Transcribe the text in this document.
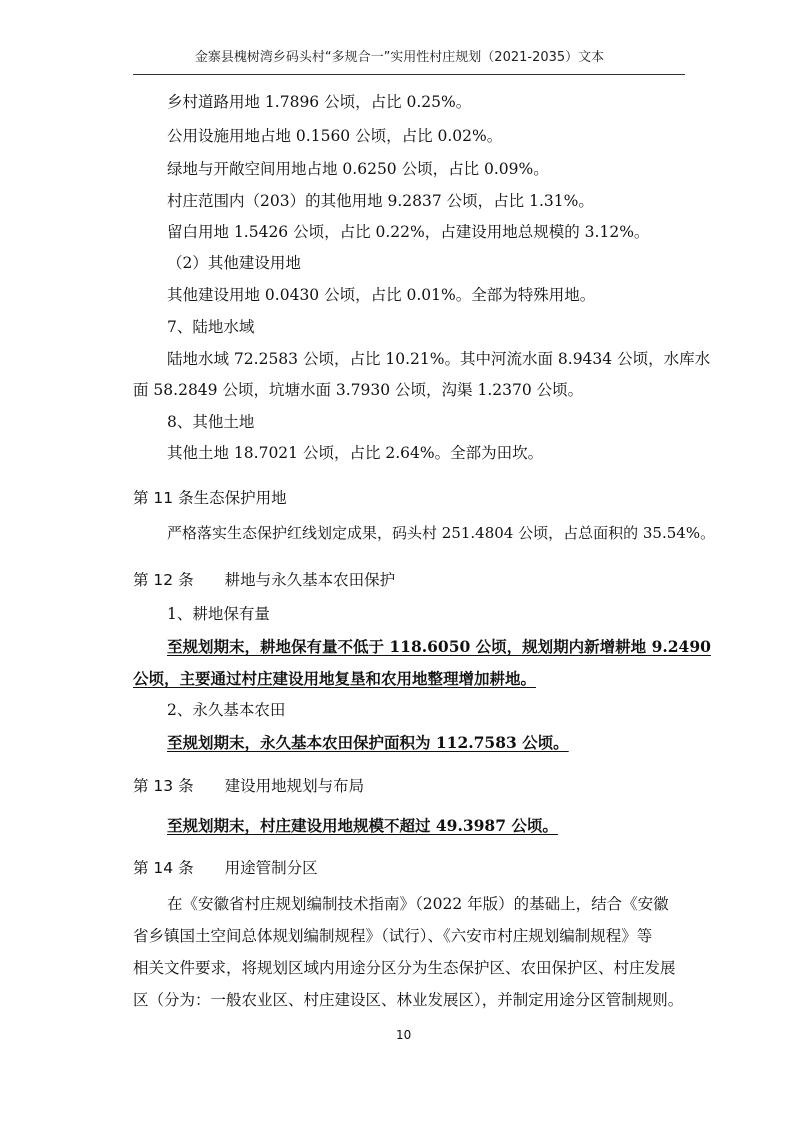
金寨县槐树湾乡码头村“多规合一”实用性村庄规划（2021-2035）文本
乡村道路用地 1.7896 公顷，占比 0.25%。
公用设施用地占地 0.1560 公顷，占比 0.02%。
绿地与开敞空间用地占地 0.6250 公顷，占比 0.09%。
村庄范围内（203）的其他用地 9.2837 公顷，占比 1.31%。
留白用地 1.5426 公顷，占比 0.22%，占建设用地总规模的 3.12%。
（2）其他建设用地
其他建设用地 0.0430 公顷，占比 0.01%。全部为特殊用地。
7、陆地水域
陆地水域 72.2583 公顷，占比 10.21%。其中河流水面 8.9434 公顷，水库水
面 58.2849 公顷，坑塘水面 3.7930 公顷，沟渠 1.2370 公顷。
8、其他土地
其他土地 18.7021 公顷，占比 2.64%。全部为田坎。
第 11 条生态保护用地
严格落实生态保护红线划定成果，码头村 251.4804 公顷，占总面积的 35.54%。
第 12 条　　耕地与永久基本农田保护
1、耕地保有量
至规划期末，耕地保有量不低于 118.6050 公顷，规划期内新增耕地 9.2490
公顷，主要通过村庄建设用地复垦和农用地整理增加耕地。
2、永久基本农田
至规划期末，永久基本农田保护面积为 112.7583 公顷。
第 13 条　　建设用地规划与布局
至规划期末，村庄建设用地规模不超过 49.3987 公顷。
第 14 条　　用途管制分区
在《安徽省村庄规划编制技术指南》（2022 年版）的基础上，结合《安徽
省乡镇国土空间总体规划编制规程》（试行）、《六安市村庄规划编制规程》等
相关文件要求，将规划区域内用途分区分为生态保护区、农田保护区、村庄发展
区（分为：一般农业区、村庄建设区、林业发展区），并制定用途分区管制规则。
10
